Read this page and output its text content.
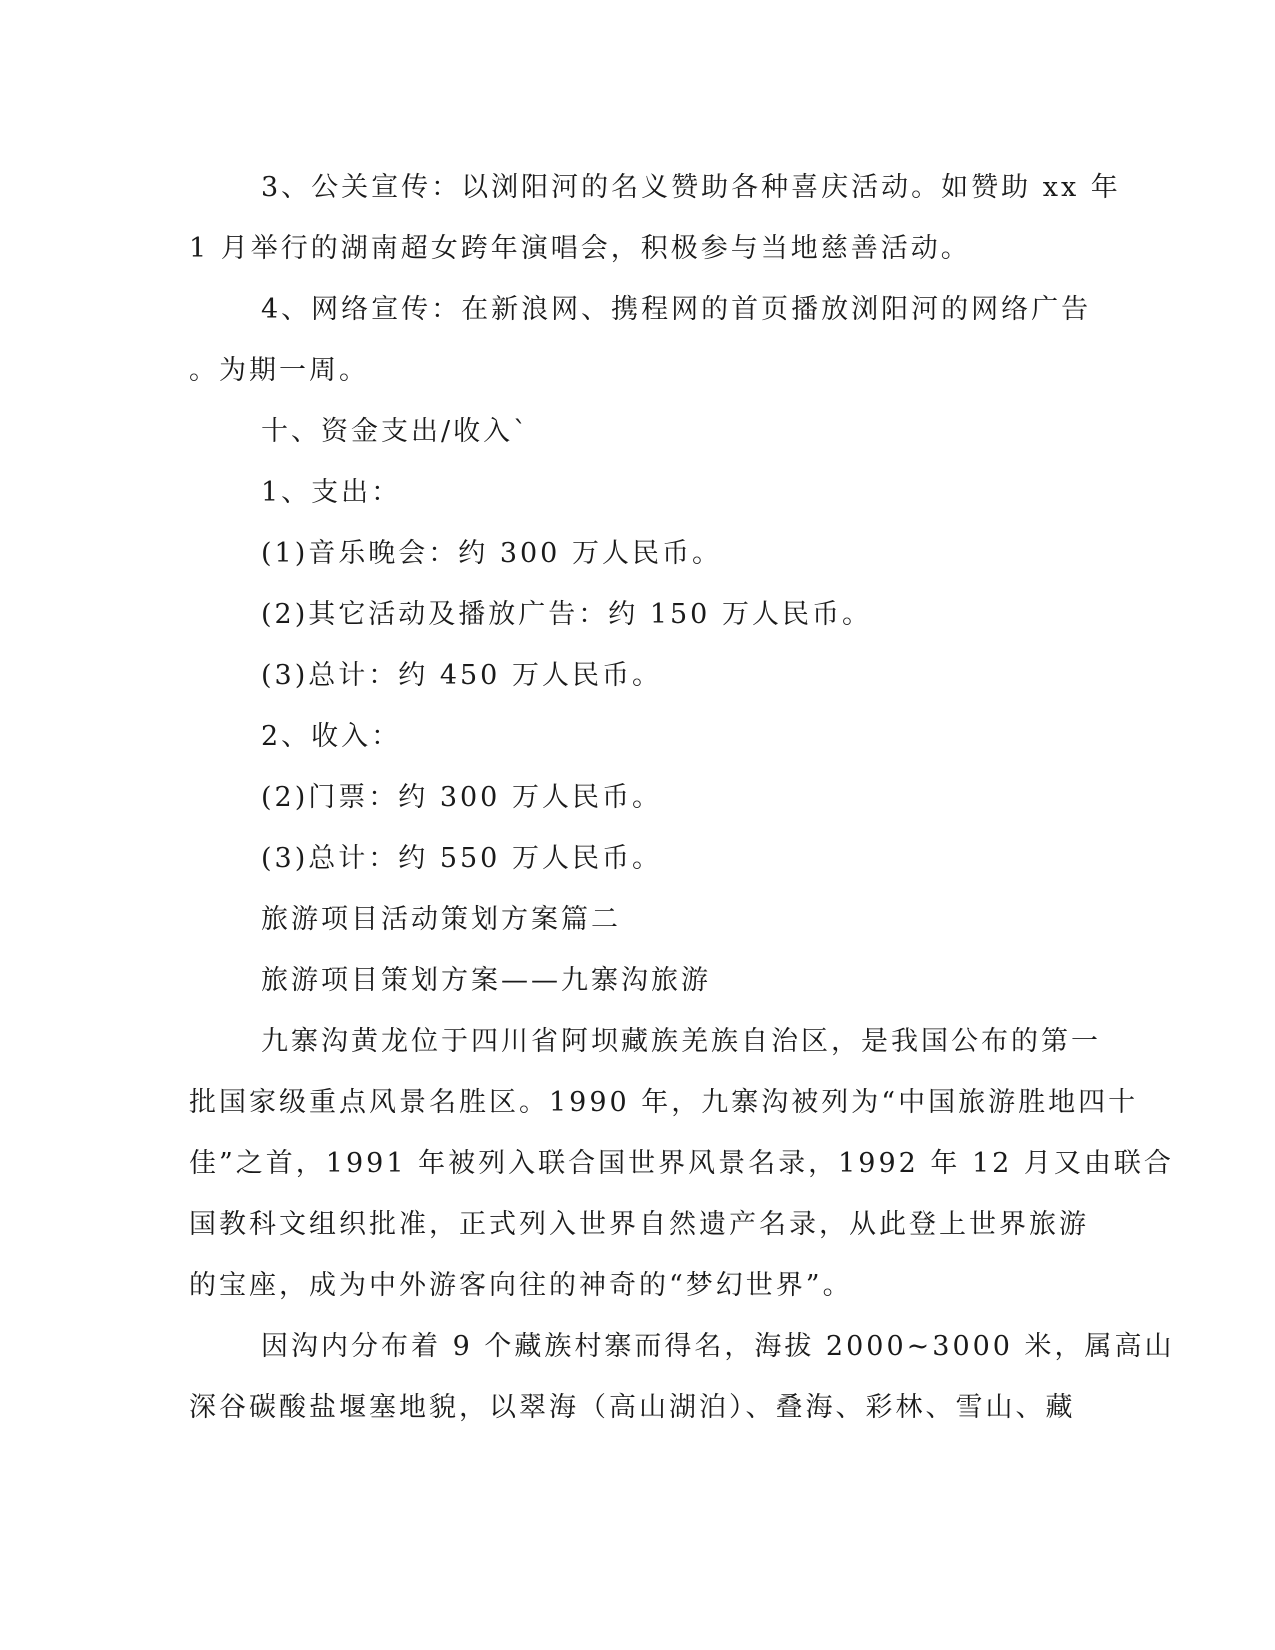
3、公关宣传：以浏阳河的名义赞助各种喜庆活动。如赞助 xx 年
1 月举行的湖南超女跨年演唱会，积极参与当地慈善活动。
4、网络宣传：在新浪网、携程网的首页播放浏阳河的网络广告
。为期一周。
十、资金支出/收入`
1、支出：
(1)音乐晚会：约 300 万人民币。
(2)其它活动及播放广告：约 150 万人民币。
(3)总计：约 450 万人民币。
2、收入：
(2)门票：约 300 万人民币。
(3)总计：约 550 万人民币。
旅游项目活动策划方案篇二
旅游项目策划方案——九寨沟旅游
九寨沟黄龙位于四川省阿坝藏族羌族自治区，是我国公布的第一
批国家级重点风景名胜区。1990 年，九寨沟被列为“中国旅游胜地四十
佳”之首，1991 年被列入联合国世界风景名录，1992 年 12 月又由联合
国教科文组织批准，正式列入世界自然遗产名录，从此登上世界旅游
的宝座，成为中外游客向往的神奇的“梦幻世界”。
因沟内分布着 9 个藏族村寨而得名，海拔 2000~3000 米，属高山
深谷碳酸盐堰塞地貌，以翠海（高山湖泊）、叠海、彩林、雪山、藏
